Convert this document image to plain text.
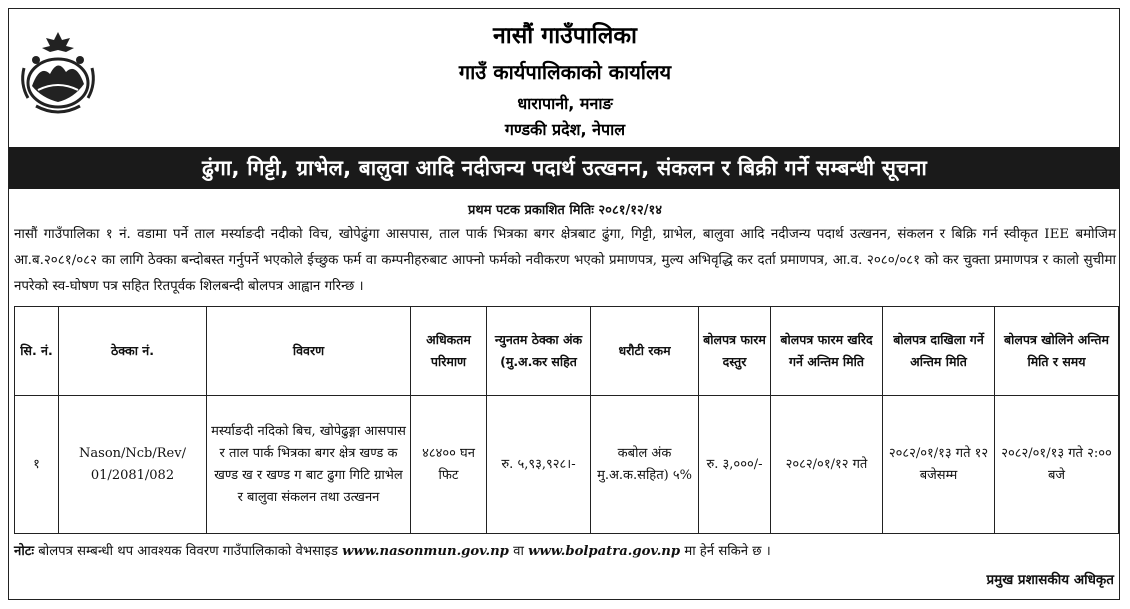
नासौं गाउँपालिका
गाउँ कार्यपालिकाको कार्यालय
धारापानी, मनाङ
गण्डकी प्रदेश, नेपाल
ढुंगा, गिट्टी, ग्राभेल, बालुवा आदि नदीजन्य पदार्थ उत्खनन, संकलन र बिक्री गर्ने सम्बन्धी सूचना
प्रथम पटक प्रकाशित मितिः २०८१/१२/१४
नासौं गाउँपालिका १ नं. वडामा पर्ने ताल मर्स्याङदी नदीको विच, खोपेढुंगा आसपास, ताल पार्क भित्रका बगर क्षेत्रबाट ढुंगा, गिट्टी, ग्राभेल, बालुवा आदि नदीजन्य पदार्थ उत्खनन, संकलन र बिक्रि गर्न स्वीकृत IEE बमोजिम आ.ब.२०८१/०८२ का लागि ठेक्का बन्दोबस्त गर्नुपर्ने भएकोले ईच्छुक फर्म वा कम्पनीहरुबाट आफ्नो फर्मको नवीकरण भएको प्रमाणपत्र, मुल्य अभिवृद्धि कर दर्ता प्रमाणपत्र, आ.व. २०८०/०८१ को कर चुक्ता प्रमाणपत्र र कालो सुचीमा नपरेको स्व-घोषण पत्र सहित रितपूर्वक शिलबन्दी बोलपत्र आह्वान गरिन्छ ।
सि. नं.	ठेक्का नं.	विवरण	अधिकतम परिमाण	न्युनतम ठेक्का अंक (मु.अ.कर सहित	धरौटी रकम	बोलपत्र फारम दस्तुर	बोलपत्र फारम खरिद गर्ने अन्तिम मिति	बोलपत्र दाखिला गर्ने अन्तिम मिति	बोलपत्र खोलिने अन्तिम मिति र समय
१	Nason/Ncb/Rev/ 01/2081/082	मर्स्याङदी नदिको बिच, खोपेढुङ्गा आसपास र ताल पार्क भित्रका बगर क्षेत्र खण्ड क खण्ड ख र खण्ड ग बाट ढुगा गिटि ग्राभेल र बालुवा संकलन तथा उत्खनन	४८४०० घन फिट	रु. ५,९३,९२८।-	कबोल अंक मु.अ.क.सहित) ५%	रु. ३,०००/-	२०८२/०१/१२ गते	२०८२/०१/१३ गते १२ बजेसम्म	२०८२/०१/१३ गते २:०० बजे
नोटः बोलपत्र सम्बन्धी थप आवश्यक विवरण गाउँपालिकाको वेभसाइड www.nasonmun.gov.np वा www.bolpatra.gov.np मा हेर्न सकिने छ ।
प्रमुख प्रशासकीय अधिकृत
